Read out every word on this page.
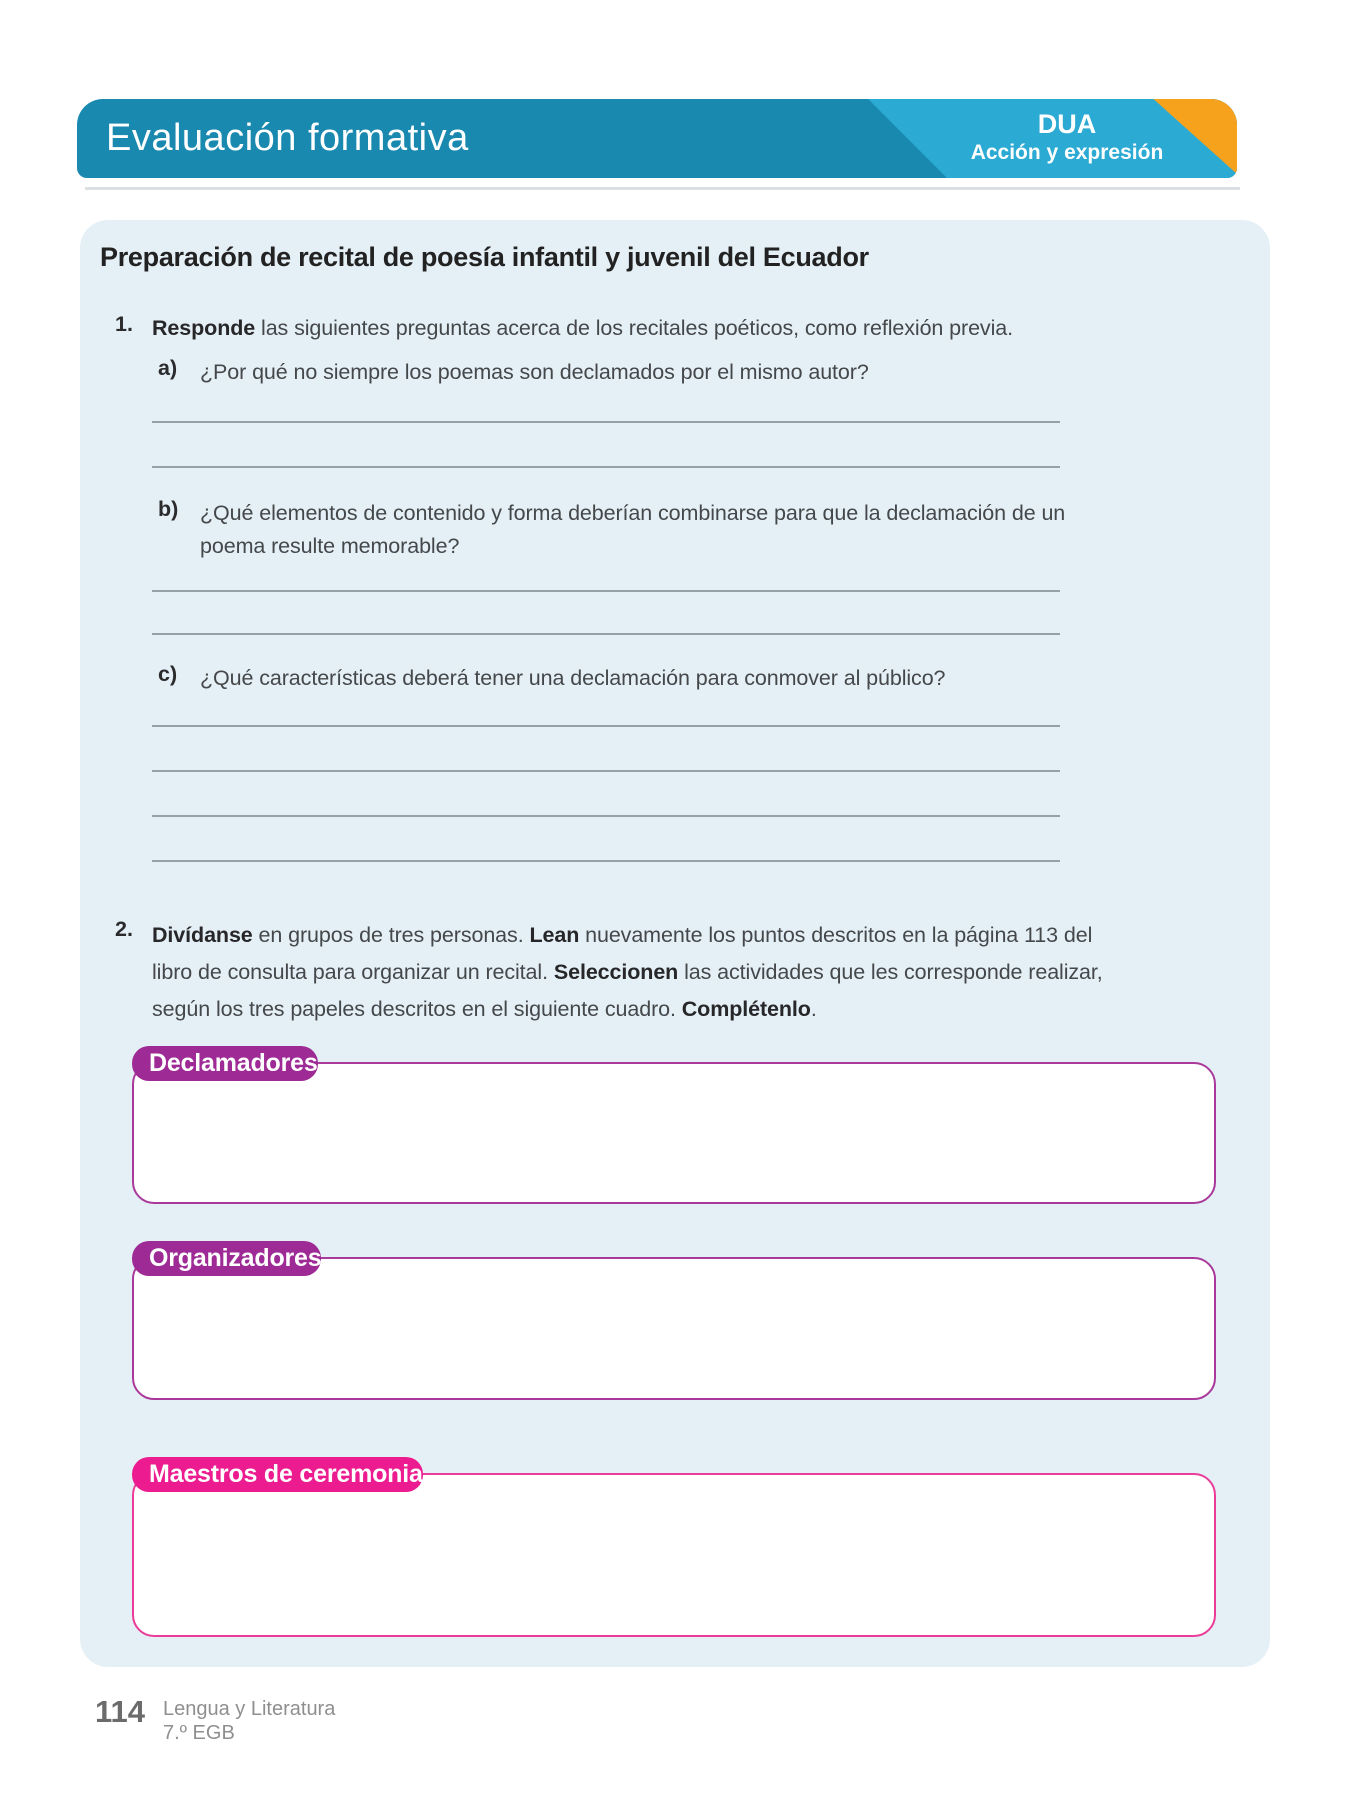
Evaluación formativa	DUA
Acción y expresión
Preparación de recital de poesía infantil y juvenil del Ecuador
1. Responde las siguientes preguntas acerca de los recitales poéticos, como reflexión previa.
a) ¿Por qué no siempre los poemas son declamados por el mismo autor?
b) ¿Qué elementos de contenido y forma deberían combinarse para que la declamación de un
poema resulte memorable?
c) ¿Qué características deberá tener una declamación para conmover al público?
2. Divídanse en grupos de tres personas. Lean nuevamente los puntos descritos en la página 113 del
libro de consulta para organizar un recital. Seleccionen las actividades que les corresponde realizar,
según los tres papeles descritos en el siguiente cuadro. Complétenlo.
Declamadores
Organizadores
Maestros de ceremonia
114 Lengua y Literatura
7.º EGB
